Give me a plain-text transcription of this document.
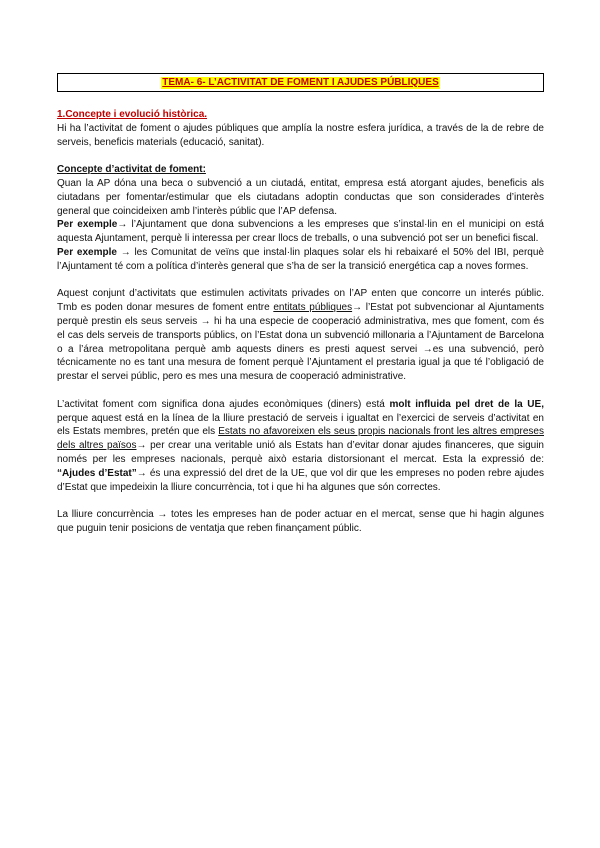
TEMA- 6- L’ACTIVITAT DE FOMENT I AJUDES PÚBLIQUES

1.Concepte i evolució històrica.

Hi ha l’activitat de foment o ajudes públiques que amplía la nostre esfera jurídica, a través de la de rebre de serveis, beneficis materials (educació, sanitat).

Concepte d’activitat de foment:

Quan la AP dóna una beca o subvenció a un ciutadá, entitat, empresa está atorgant ajudes, beneficis als ciutadans per fomentar/estimular que els ciutadans adoptin conductas que son considerades d’interès general que coincideixen amb l’interès públic que l’AP defensa.

Per exemple→ l’Ajuntament que dona subvencions a les empreses que s’instal·lin en el municipi on está aquesta Ajuntament, perquè li interessa per crear llocs de treballs, o una subvenció pot ser un benefici fiscal.

Per exemple → les Comunitat de veïns que instal·lin plaques solar els hi rebaixaré el 50% del IBI, perquè l’Ajuntament té com a política d’interès general que s’ha de ser la transició energética cap a noves formes.

Aquest conjunt d’activitats que estimulen activitats privades on l’AP enten que concorre un interés públic. Tmb es poden donar mesures de foment entre entitats públiques→ l’Estat pot subvencionar al Ajuntaments perquè prestin els seus serveis → hi ha una especie de cooperació administrativa, mes que foment, com és el cas dels serveis de transports públics, on l’Estat dona un subvenció millonaria a l’Ajuntament de Barcelona o a l’área metropolitana perquè amb aquests diners es presti aquest servei →es una subvenció, però técnicamente no es tant una mesura de foment perquè l’Ajuntament el prestaria igual ja que té l’obligació de prestar el servei públic, pero es mes una mesura de cooperació administrative.

L’activitat foment com significa dona ajudes econòmiques (diners) está molt influida pel dret de la UE, perque aquest está en la línea de la lliure prestació de serveis i igualtat en l’exercici de serveis d’activitat en els Estats membres, pretén que els Estats no afavoreixen els seus propis nacionals front les altres empreses dels altres països→ per crear una veritable unió als Estats han d’evitar donar ajudes financeres, que siguin només per les empreses nacionals, perquè això estaria distorsionant el mercat. Esta la expressió de: “Ajudes d’Estat”→ és una expressió del dret de la UE, que vol dir que les empreses no poden rebre ajudes d’Estat que impedeixin la lliure concurrència, tot i que hi ha algunes que són correctes.

La lliure concurrència → totes les empreses han de poder actuar en el mercat, sense que hi hagin algunes que puguin tenir posicions de ventatja que reben finançament públic.
